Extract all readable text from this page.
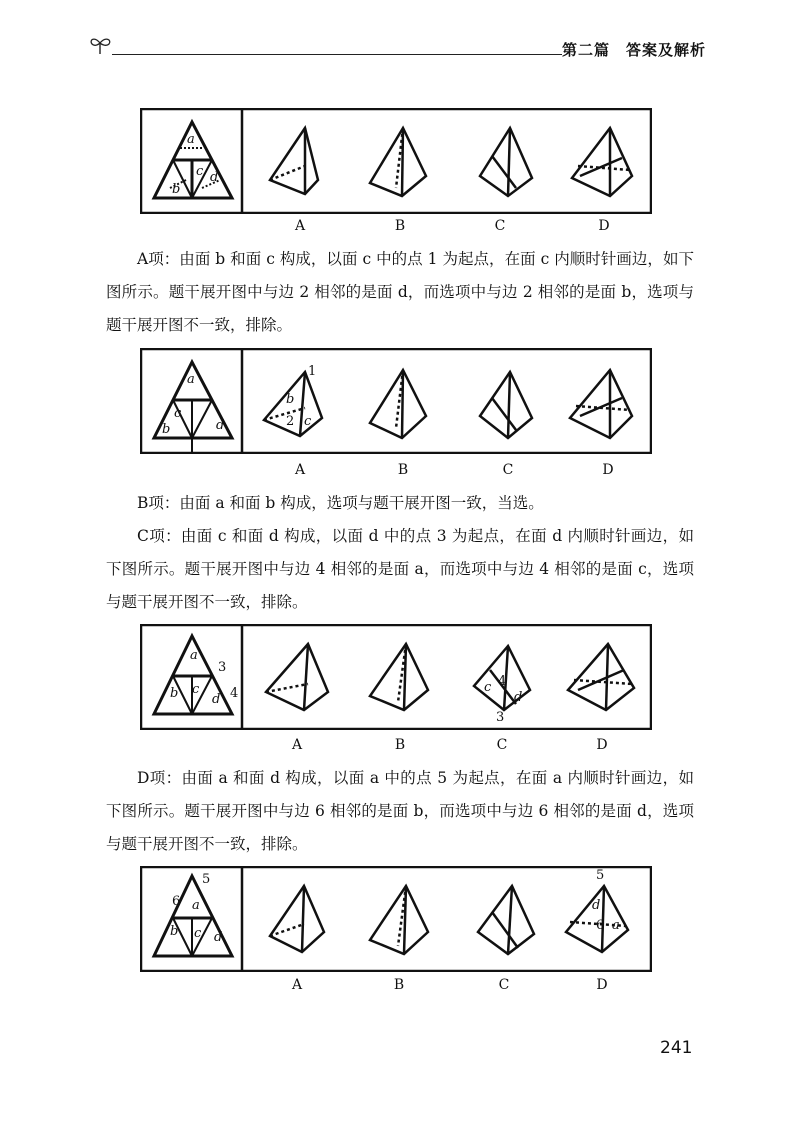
第二篇　答案及解析
a
c
b
d
A	B	C	D

A项：由面 b 和面 c 构成，以面 c 中的点 1 为起点，在面 c 内顺时针画边，如下图所示。题干展开图中与边 2 相邻的是面 d，而选项中与边 2 相邻的是面 b，选项与题干展开图不一致，排除。

a
c
b	d
1
b
2 c
A	B	C	D

B项：由面 a 和面 b 构成，选项与题干展开图一致，当选。

C项：由面 c 和面 d 构成，以面 d 中的点 3 为起点，在面 d 内顺时针画边，如下图所示。题干展开图中与边 4 相邻的是面 a，而选项中与边 4 相邻的是面 c，选项与题干展开图不一致，排除。

a
3
b c
d 4	c 4
d
3
A	B	C	D

D项：由面 a 和面 d 构成，以面 a 中的点 5 为起点，在面 a 内顺时针画边，如下图所示。题干展开图中与边 6 相邻的是面 b，而选项中与边 6 相邻的是面 d，选项与题干展开图不一致，排除。

5
6 a
b c d
5
d
6 a
A	B	C	D
241
